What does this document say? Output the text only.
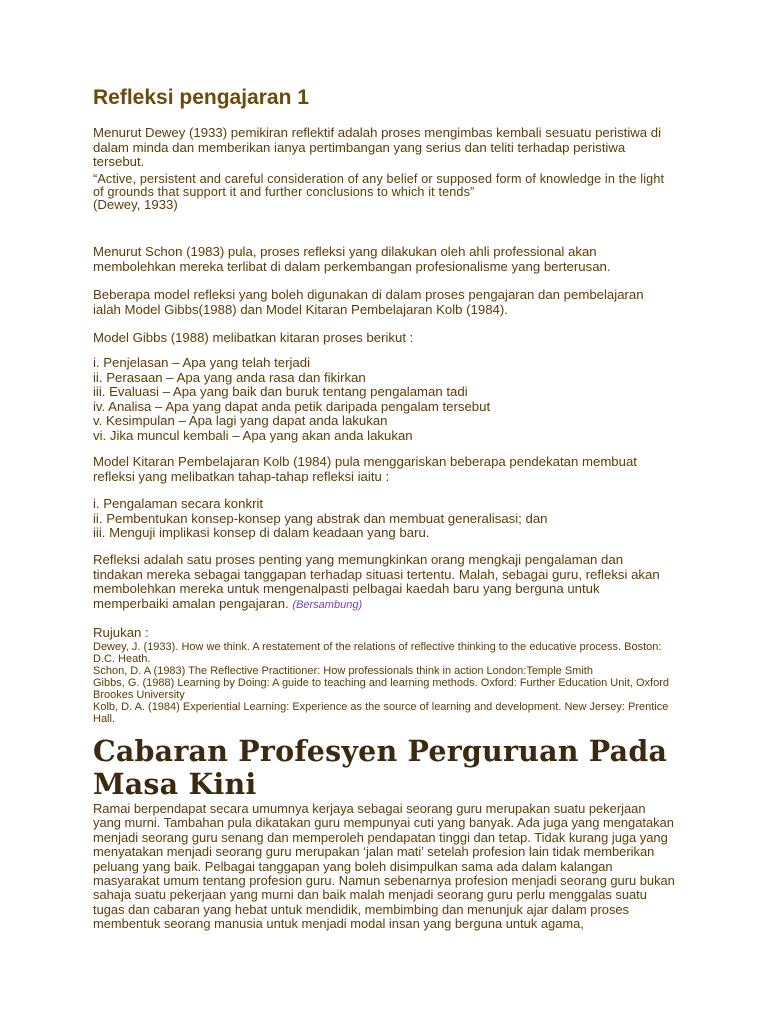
Refleksi pengajaran 1
Menurut Dewey (1933) pemikiran reflektif adalah proses mengimbas kembali sesuatu peristiwa di dalam minda dan memberikan ianya pertimbangan yang serius dan teliti terhadap peristiwa tersebut.
“Active, persistent and careful consideration of any belief or supposed form of knowledge in the light of grounds that support it and further conclusions to which it tends”
(Dewey, 1933)
Menurut Schon (1983) pula, proses refleksi yang dilakukan oleh ahli professional akan membolehkan mereka terlibat di dalam perkembangan profesionalisme yang berterusan.
Beberapa model refleksi yang boleh digunakan di dalam proses pengajaran dan pembelajaran ialah Model Gibbs(1988) dan Model Kitaran Pembelajaran Kolb (1984).
Model Gibbs (1988) melibatkan kitaran proses berikut :
i. Penjelasan – Apa yang telah terjadi
ii. Perasaan – Apa yang anda rasa dan fikirkan
iii. Evaluasi – Apa yang baik dan buruk tentang pengalaman tadi
iv. Analisa – Apa yang dapat anda petik daripada pengalam tersebut
v. Kesimpulan – Apa lagi yang dapat anda lakukan
vi. Jika muncul kembali – Apa yang akan anda lakukan
Model Kitaran Pembelajaran Kolb (1984) pula menggariskan beberapa pendekatan membuat refleksi yang melibatkan tahap-tahap refleksi iaitu :
i. Pengalaman secara konkrit
ii. Pembentukan konsep-konsep yang abstrak dan membuat generalisasi; dan
iii. Menguji implikasi konsep di dalam keadaan yang baru.
Refleksi adalah satu proses penting yang memungkinkan orang mengkaji pengalaman dan tindakan mereka sebagai tanggapan terhadap situasi tertentu. Malah, sebagai guru, refleksi akan membolehkan mereka untuk mengenalpasti pelbagai kaedah baru yang berguna untuk memperbaiki amalan pengajaran. (Bersambung)
Rujukan :
Dewey, J. (1933). How we think. A restatement of the relations of reflective thinking to the educative process. Boston: D.C. Heath.
Schon, D. A (1983) The Reflective Practitioner: How professionals think in action London:Temple Smith
Gibbs, G. (1988) Learning by Doing: A guide to teaching and learning methods. Oxford: Further Education Unit, Oxford Brookes University
Kolb, D. A. (1984) Experiential Learning: Experience as the source of learning and development. New Jersey: Prentice Hall.
Cabaran Profesyen Perguruan Pada Masa Kini
Ramai berpendapat secara umumnya kerjaya sebagai seorang guru merupakan suatu pekerjaan yang murni. Tambahan pula dikatakan guru mempunyai cuti yang banyak. Ada juga yang mengatakan menjadi seorang guru senang dan memperoleh pendapatan tinggi dan tetap. Tidak kurang juga yang menyatakan menjadi seorang guru merupakan ‘jalan mati’ setelah profesion lain tidak memberikan peluang yang baik. Pelbagai tanggapan yang boleh disimpulkan sama ada dalam kalangan masyarakat umum tentang profesion guru. Namun sebenarnya profesion menjadi seorang guru bukan sahaja suatu pekerjaan yang murni dan baik malah menjadi seorang guru perlu menggalas suatu tugas dan cabaran yang hebat untuk mendidik, membimbing dan menunjuk ajar dalam proses membentuk seorang manusia untuk menjadi modal insan yang berguna untuk agama,
